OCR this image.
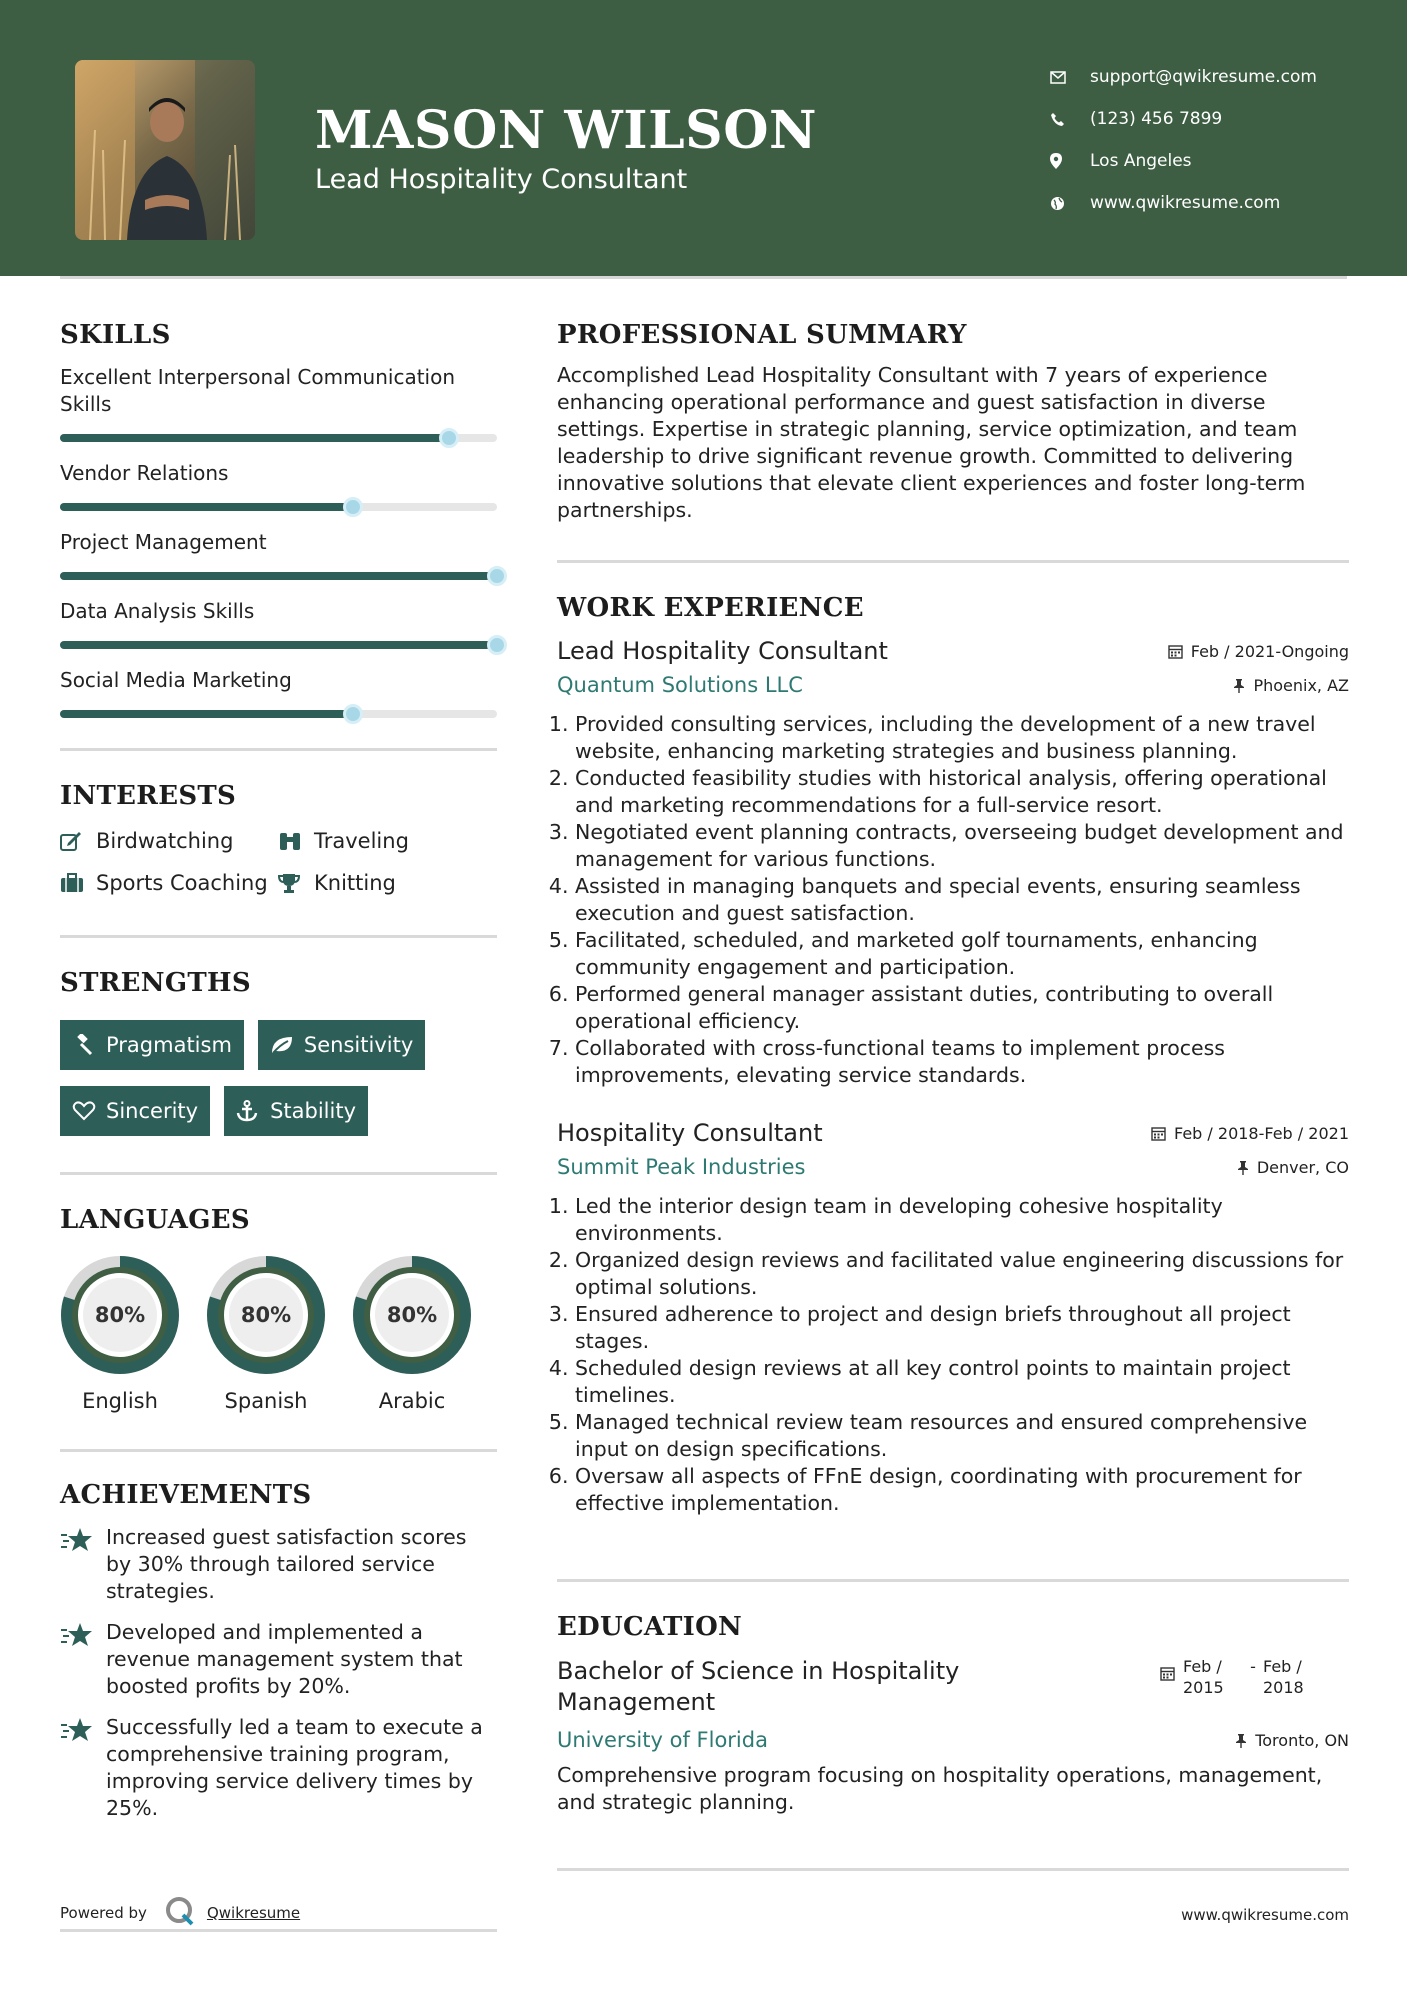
MASON WILSON
Lead Hospitality Consultant
support@qwikresume.com
(123) 456 7899
Los Angeles
www.qwikresume.com
SKILLS
Excellent Interpersonal Communication Skills
Vendor Relations
Project Management
Data Analysis Skills
Social Media Marketing
INTERESTS
Birdwatching	Traveling
Sports Coaching Knitting
STRENGTHS
Pragmatism	Sensitivity
Sincerity	Stability
LANGUAGES
80%
English
80%
Spanish
80%
Arabic
ACHIEVEMENTS
Increased guest satisfaction scores by 30% through tailored service strategies.
Developed and implemented a revenue management system that boosted profits by 20%.
Successfully led a team to execute a comprehensive training program, improving service delivery times by 25%.
Powered by	Qwikresume	www.qwikresume.com
PROFESSIONAL SUMMARY
Accomplished Lead Hospitality Consultant with 7 years of experience enhancing operational performance and guest satisfaction in diverse settings. Expertise in strategic planning, service optimization, and team leadership to drive significant revenue growth. Committed to delivering innovative solutions that elevate client experiences and foster long-term partnerships.
WORK EXPERIENCE
Lead Hospitality Consultant	Feb / 2021-Ongoing
Quantum Solutions LLC	Phoenix, AZ
1. Provided consulting services, including the development of a new travel website, enhancing marketing strategies and business planning.
2. Conducted feasibility studies with historical analysis, offering operational and marketing recommendations for a full-service resort.
3. Negotiated event planning contracts, overseeing budget development and management for various functions.
4. Assisted in managing banquets and special events, ensuring seamless execution and guest satisfaction.
5. Facilitated, scheduled, and marketed golf tournaments, enhancing community engagement and participation.
6. Performed general manager assistant duties, contributing to overall operational efficiency.
7. Collaborated with cross-functional teams to implement process improvements, elevating service standards.
Hospitality Consultant	Feb / 2018-Feb / 2021
Summit Peak Industries	Denver, CO
1. Led the interior design team in developing cohesive hospitality environments.
2. Organized design reviews and facilitated value engineering discussions for optimal solutions.
3. Ensured adherence to project and design briefs throughout all project stages.
4. Scheduled design reviews at all key control points to maintain project timelines.
5. Managed technical review team resources and ensured comprehensive input on design specifications.
6. Oversaw all aspects of FFnE design, coordinating with procurement for effective implementation.
EDUCATION
Bachelor of Science in Hospitality Management
Feb / 2015
- Feb / 2018
University of Florida	Toronto, ON
Comprehensive program focusing on hospitality operations, management, and strategic planning.
